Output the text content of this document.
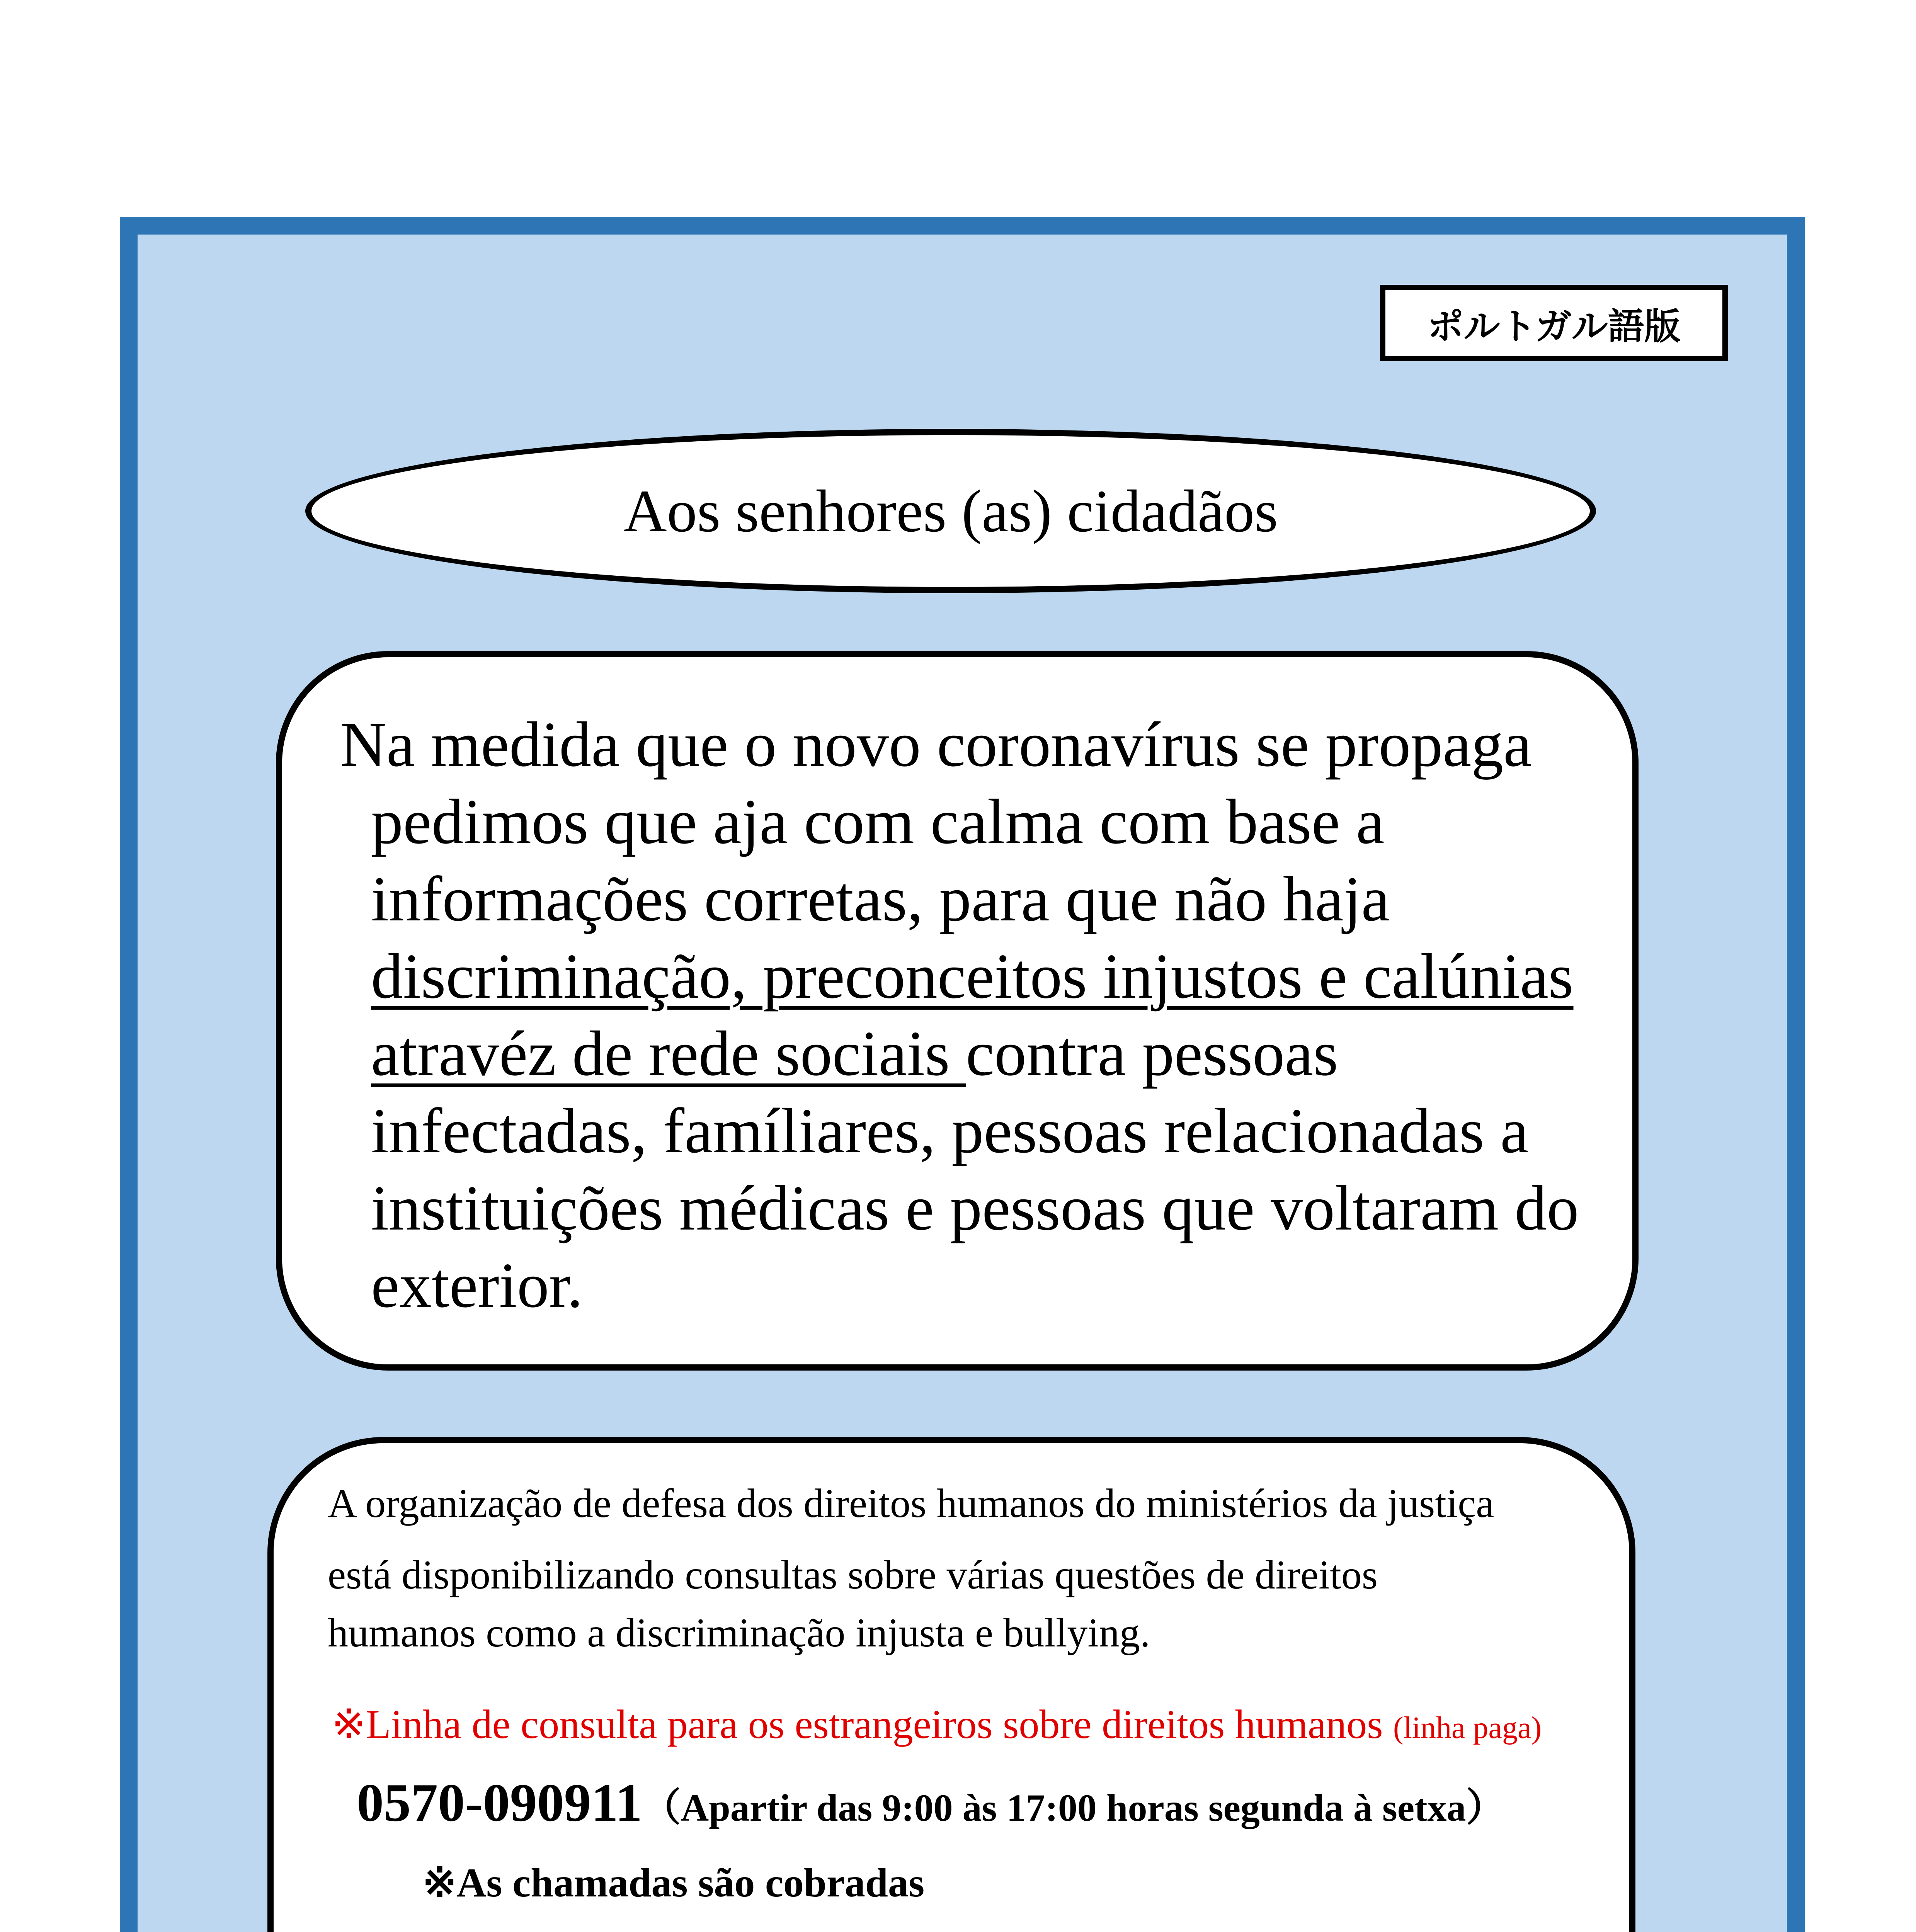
ポルトガル語版
Aos senhores (as) cidadãos
Na medida que o novo coronavírus se propaga
pedimos que aja com calma com base a
informações corretas, para que não haja
discriminação, preconceitos injustos e calúnias
atravéz de rede sociais contra pessoas
infectadas, famíliares, pessoas relacionadas a
instituições médicas e pessoas que voltaram do
exterior.
A organização de defesa dos direitos humanos do ministérios da justiça
está disponibilizando consultas sobre várias questões de direitos
humanos como a discriminação injusta e bullying.
※Linha de consulta para os estrangeiros sobre direitos humanos (linha paga)
0570-090911（Apartir das 9:00 às 17:00 horas segunda à setxa）
※As chamadas são cobradas
